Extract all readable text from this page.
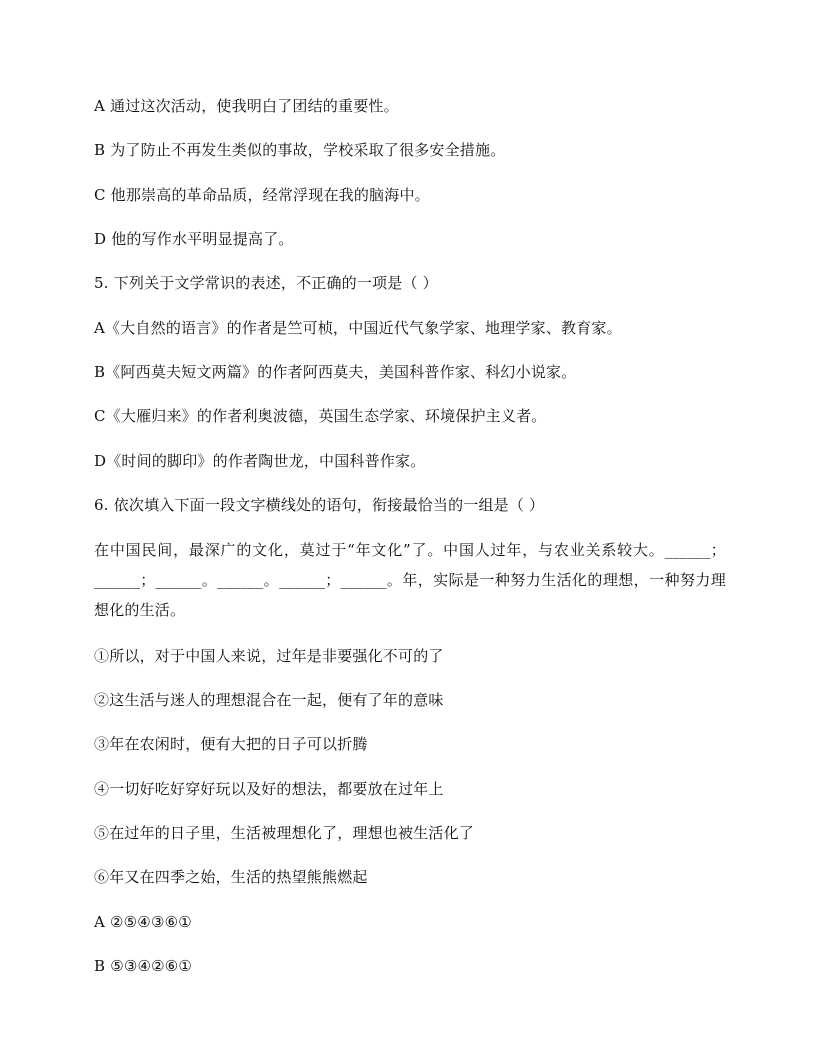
A 通过这次活动，使我明白了团结的重要性。
B 为了防止不再发生类似的事故，学校采取了很多安全措施。
C 他那崇高的革命品质，经常浮现在我的脑海中。
D 他的写作水平明显提高了。
5. 下列关于文学常识的表述，不正确的一项是（ ）
A《大自然的语言》的作者是竺可桢，中国近代气象学家、地理学家、教育家。
B《阿西莫夫短文两篇》的作者阿西莫夫，美国科普作家、科幻小说家。
C《大雁归来》的作者利奥波德，英国生态学家、环境保护主义者。
D《时间的脚印》的作者陶世龙，中国科普作家。
6. 依次填入下面一段文字横线处的语句，衔接最恰当的一组是（ ）
在中国民间，最深广的文化，莫过于“年文化”了。中国人过年，与农业关系较大。______；______；______。______。______；______。年，实际是一种努力生活化的理想，一种努力理想化的生活。
①所以，对于中国人来说，过年是非要强化不可的了
②这生活与迷人的理想混合在一起，便有了年的意味
③年在农闲时，便有大把的日子可以折腾
④一切好吃好穿好玩以及好的想法，都要放在过年上
⑤在过年的日子里，生活被理想化了，理想也被生活化了
⑥年又在四季之始，生活的热望熊熊燃起
A ②⑤④③⑥①
B ⑤③④②⑥①
